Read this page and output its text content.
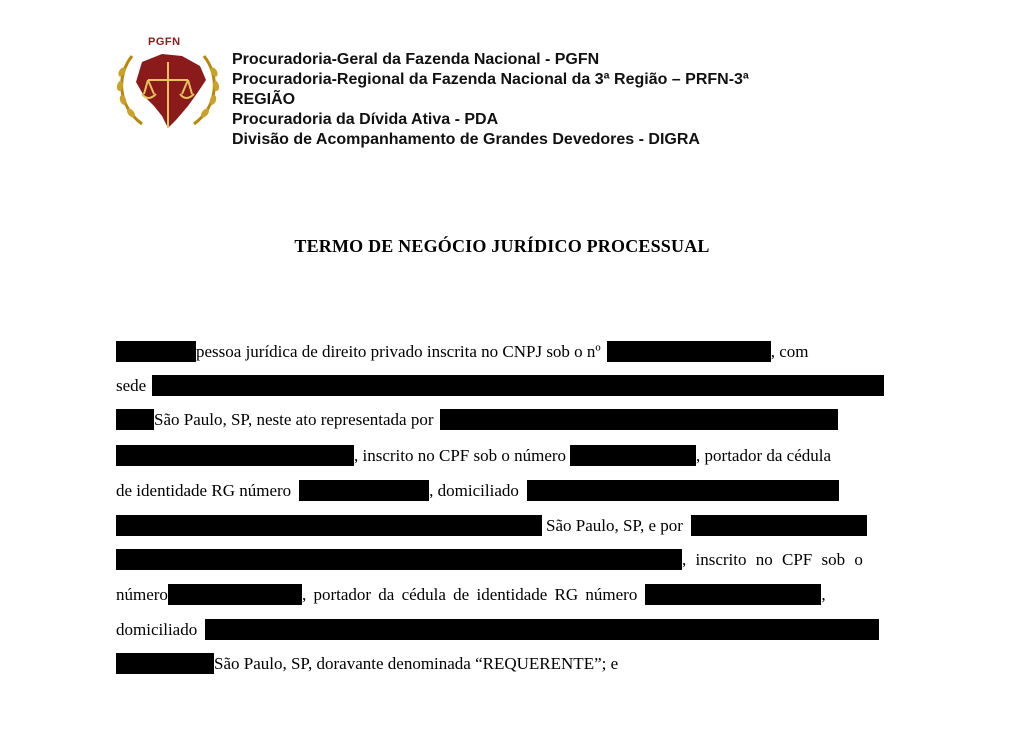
PGFN
Procuradoria-Geral da Fazenda Nacional - PGFN
Procuradoria-Regional da Fazenda Nacional da 3ª Região – PRFN-3ª
REGIÃO
Procuradoria da Dívida Ativa - PDA
Divisão de Acompanhamento de Grandes Devedores - DIGRA
TERMO DE NEGÓCIO JURÍDICO PROCESSUAL
pessoa jurídica de direito privado inscrita no CNPJ sob o nº	, com
sede
São Paulo, SP, neste ato representada por
, inscrito no CPF sob o número	, portador da cédula
de identidade RG número	, domiciliado
São Paulo, SP, e por
, inscrito no CPF sob o
número	, portador da cédula de identidade RG número	,
domiciliado
São Paulo, SP, doravante denominada “REQUERENTE”; e
